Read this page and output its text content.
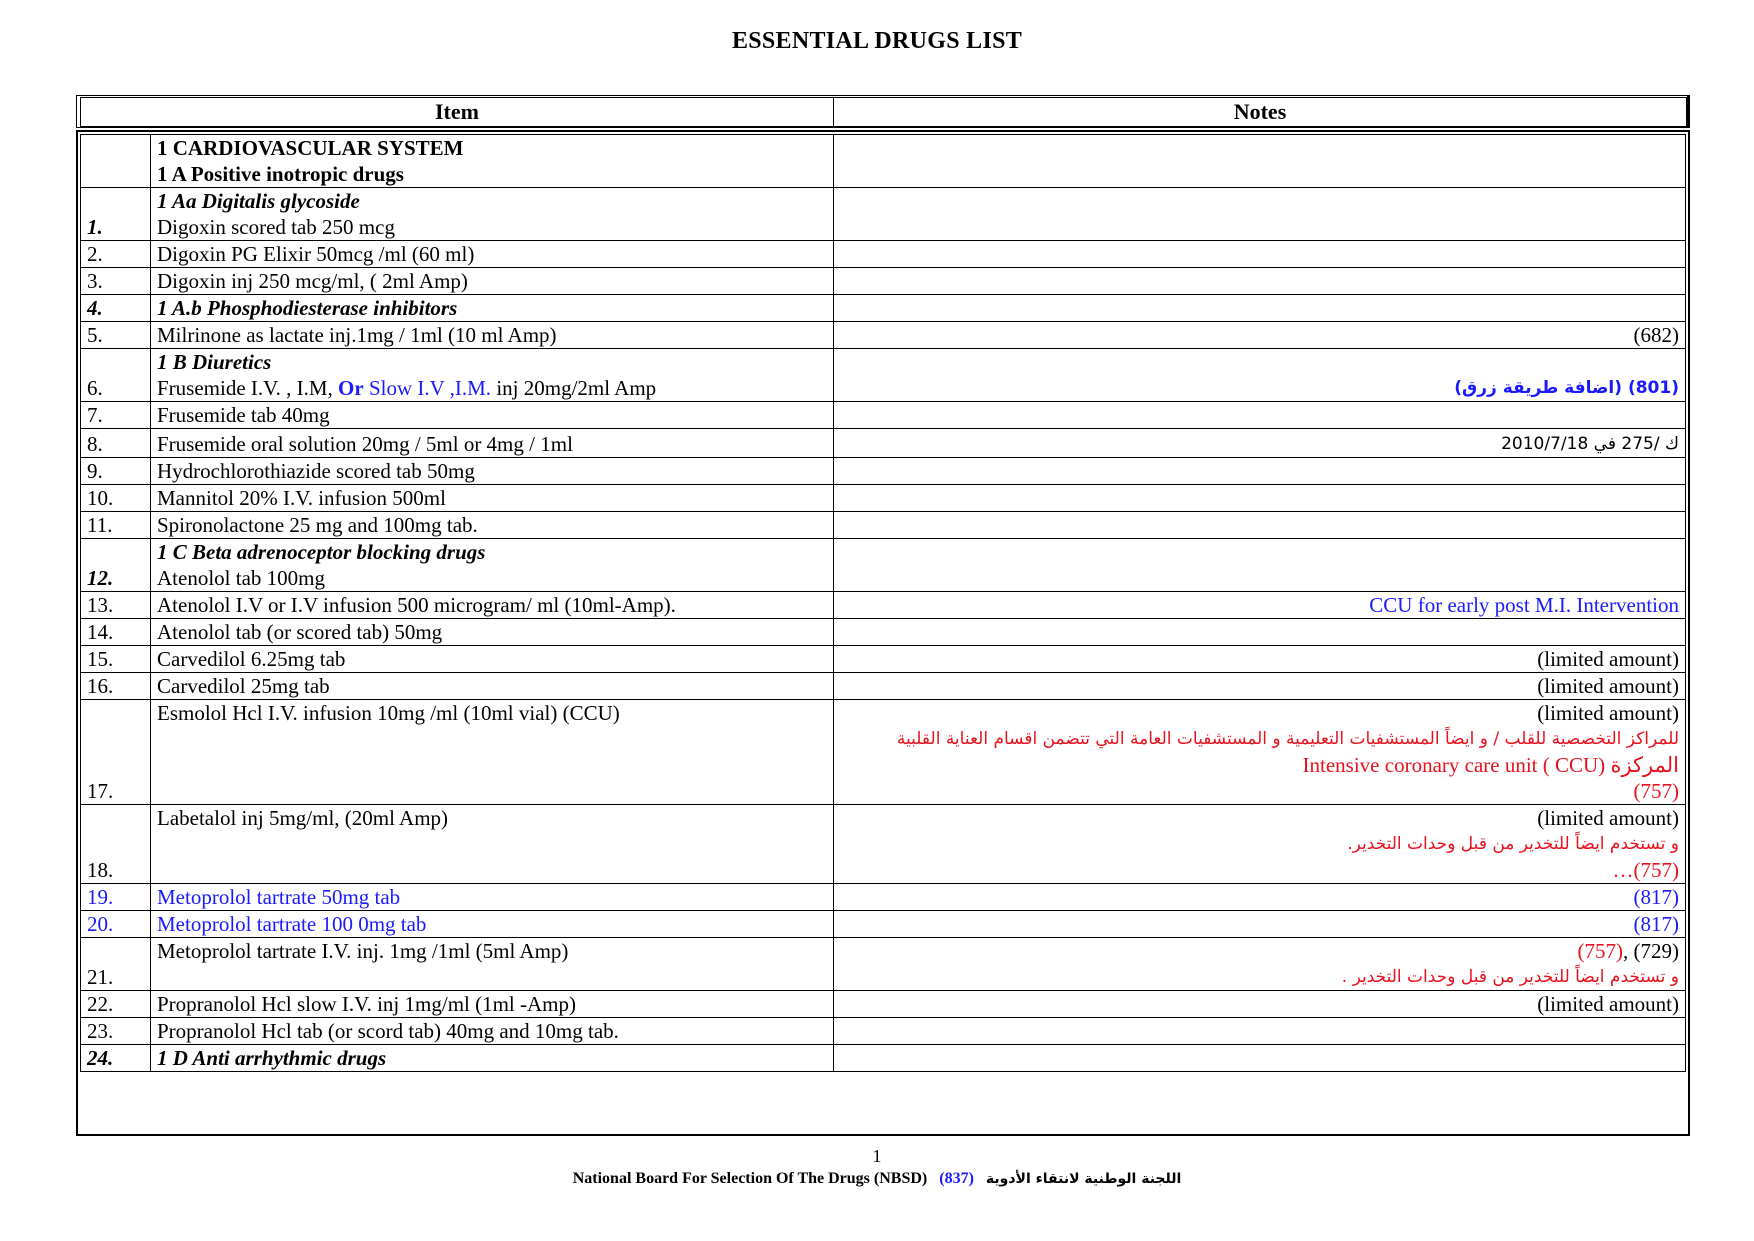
ESSENTIAL DRUGS LIST
Item	Notes

	1 CARDIOVASCULAR SYSTEM
1 A Positive inotropic drugs	

1.	1 Aa Digitalis glycoside
Digoxin scored tab 250 mcg	

2.	Digoxin PG Elixir 50mcg /ml (60 ml)	
3.	Digoxin inj 250 mcg/ml, ( 2ml Amp)	
4.	1 A.b Phosphodiesterase inhibitors	
5.	Milrinone as lactate inj.1mg / 1ml (10 ml Amp)	(682)
6.	1 B Diuretics
Frusemide I.V. , I.M, Or Slow I.V ,I.M. inj 20mg/2ml Amp	(801) (اضافة طريقة زرق)
7.	Frusemide tab 40mg	
8.	Frusemide oral solution 20mg / 5ml or 4mg / 1ml	ك /275 في 2010/7/18
9.	Hydrochlorothiazide scored tab 50mg	
10.	Mannitol 20% I.V. infusion 500ml	
11.	Spironolactone 25 mg and 100mg tab.	
12.	1 C Beta adrenoceptor blocking drugs
Atenolol tab 100mg	

13.	Atenolol I.V or I.V infusion 500 microgram/ ml (10ml-Amp).	CCU for early post M.I. Intervention
14.	Atenolol tab (or scored tab) 50mg	
15.	Carvedilol 6.25mg tab	(limited amount)
16.	Carvedilol 25mg tab	(limited amount)
17.	Esmolol Hcl I.V. infusion 10mg /ml (10ml vial) (CCU)	(limited amount)
للمراكز التخصصية للقلب / و ايضاً المستشفيات التعليمية و المستشفيات العامة التي تتضمن اقسام العناية القلبية
Intensive coronary care unit ( CCU) المركزة
(757)

18.	Labetalol inj 5mg/ml, (20ml Amp)	(limited amount)
و تستخدم ايضاً للتخدير من قبل وحدات التخدير.
…(757)

19.	Metoprolol tartrate 50mg tab	(817)
20.	Metoprolol tartrate 100 0mg tab	(817)
21.	Metoprolol tartrate I.V. inj. 1mg /1ml (5ml Amp)	(757), (729)
و تستخدم ايضاً للتخدير من قبل وحدات التخدير .

22.	Propranolol Hcl slow I.V. inj 1mg/ml (1ml -Amp)	(limited amount)
23.	Propranolol Hcl tab (or scord tab) 40mg and 10mg tab.	
24.	1 D Anti arrhythmic drugs	
1
National Board For Selection Of The Drugs (NBSD) (837) اللجنة الوطنية لانتقاء الأدوية
